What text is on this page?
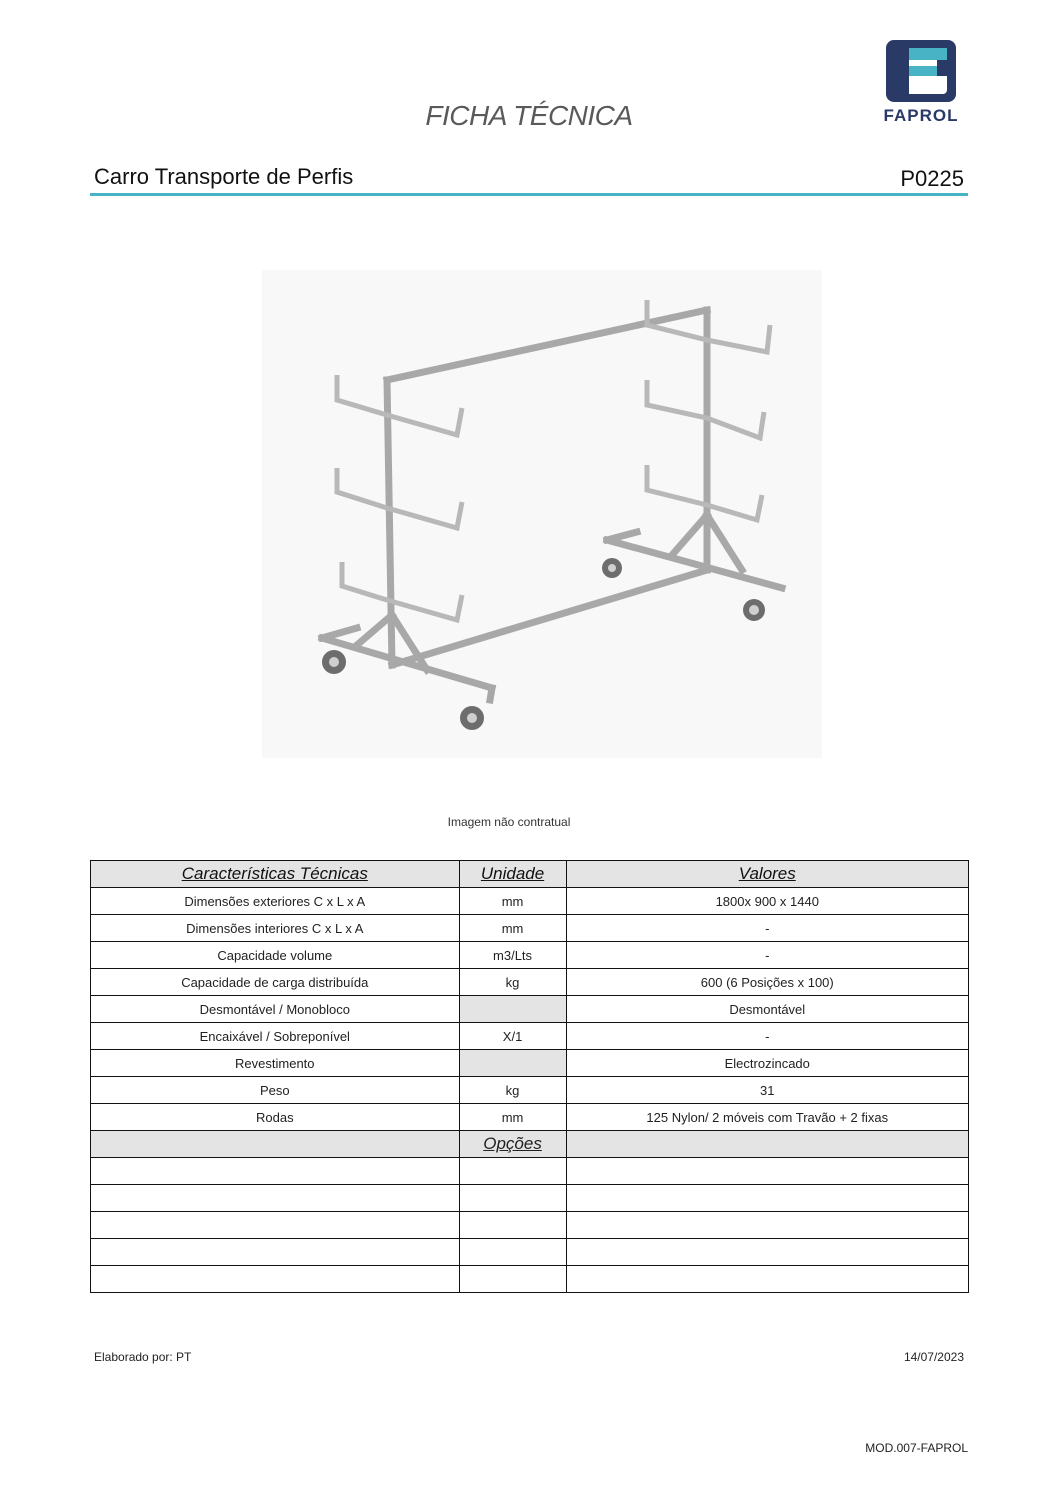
FICHA TÉCNICA	FAPROL
Carro Transporte de Perfis	P0225
Imagem não contratual
Características Técnicas	Unidade	Valores
Dimensões exteriores C x L x A	mm	1800x 900 x 1440
Dimensões interiores C x L x A	mm	-
Capacidade volume	m3/Lts	-
Capacidade de carga distribuída	kg	600 (6 Posições x 100)
Desmontável / Monobloco		Desmontável
Encaixável / Sobreponível	X/1	-
Revestimento		Electrozincado
Peso	kg	31
Rodas	mm	125 Nylon/ 2 móveis com Travão + 2 fixas
	Opções	

Elaborado por: PT	14/07/2023
MOD.007-FAPROL
